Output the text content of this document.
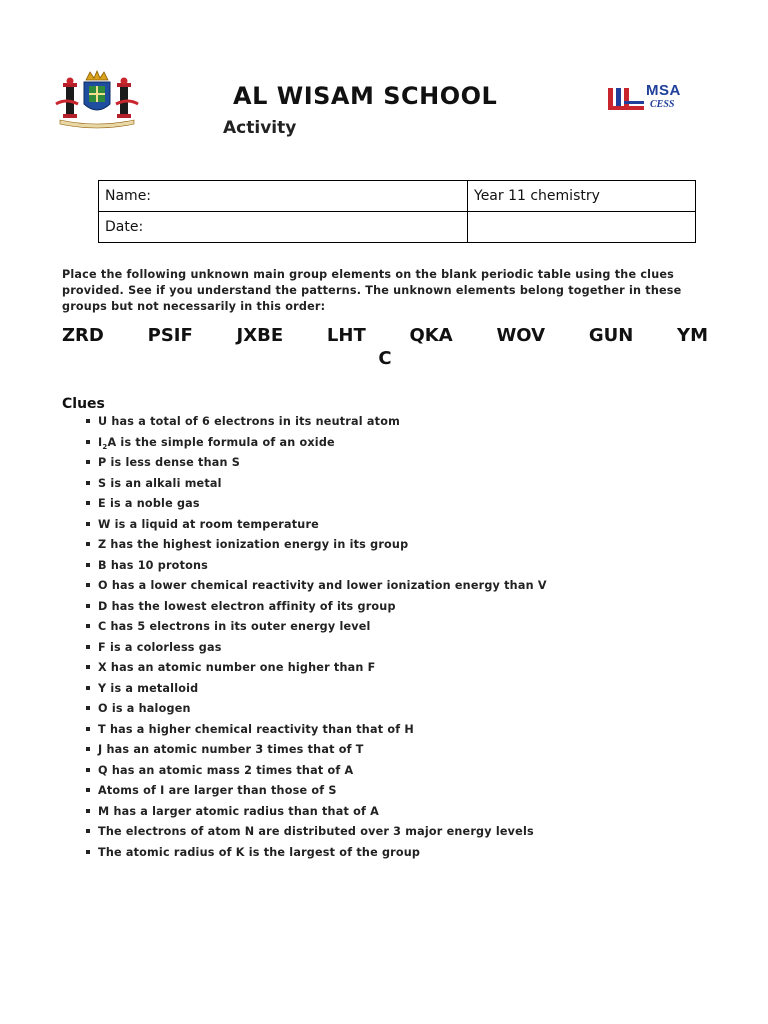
MSA
CESS
AL WISAM SCHOOL
Activity
Name:	Year 11 chemistry
Date:	

Place the following unknown main group elements on the blank periodic table using the clues provided. See if you understand the patterns. The unknown elements belong together in these groups but not necessarily in this order:

ZRD PSIF JXBE LHT QKA WOV GUN YM
C
Clues
U has a total of 6 electrons in its neutral atom
$I_2A$ is the simple formula of an oxide
P is less dense than S
S is an alkali metal
E is a noble gas
W is a liquid at room temperature
Z has the highest ionization energy in its group
B has 10 protons
O has a lower chemical reactivity and lower ionization energy than V
D has the lowest electron affinity of its group
C has 5 electrons in its outer energy level
F is a colorless gas
X has an atomic number one higher than F
Y is a metalloid
O is a halogen
T has a higher chemical reactivity than that of H
J has an atomic number 3 times that of T
Q has an atomic mass 2 times that of A
Atoms of I are larger than those of S
M has a larger atomic radius than that of A
The electrons of atom N are distributed over 3 major energy levels
The atomic radius of K is the largest of the group
